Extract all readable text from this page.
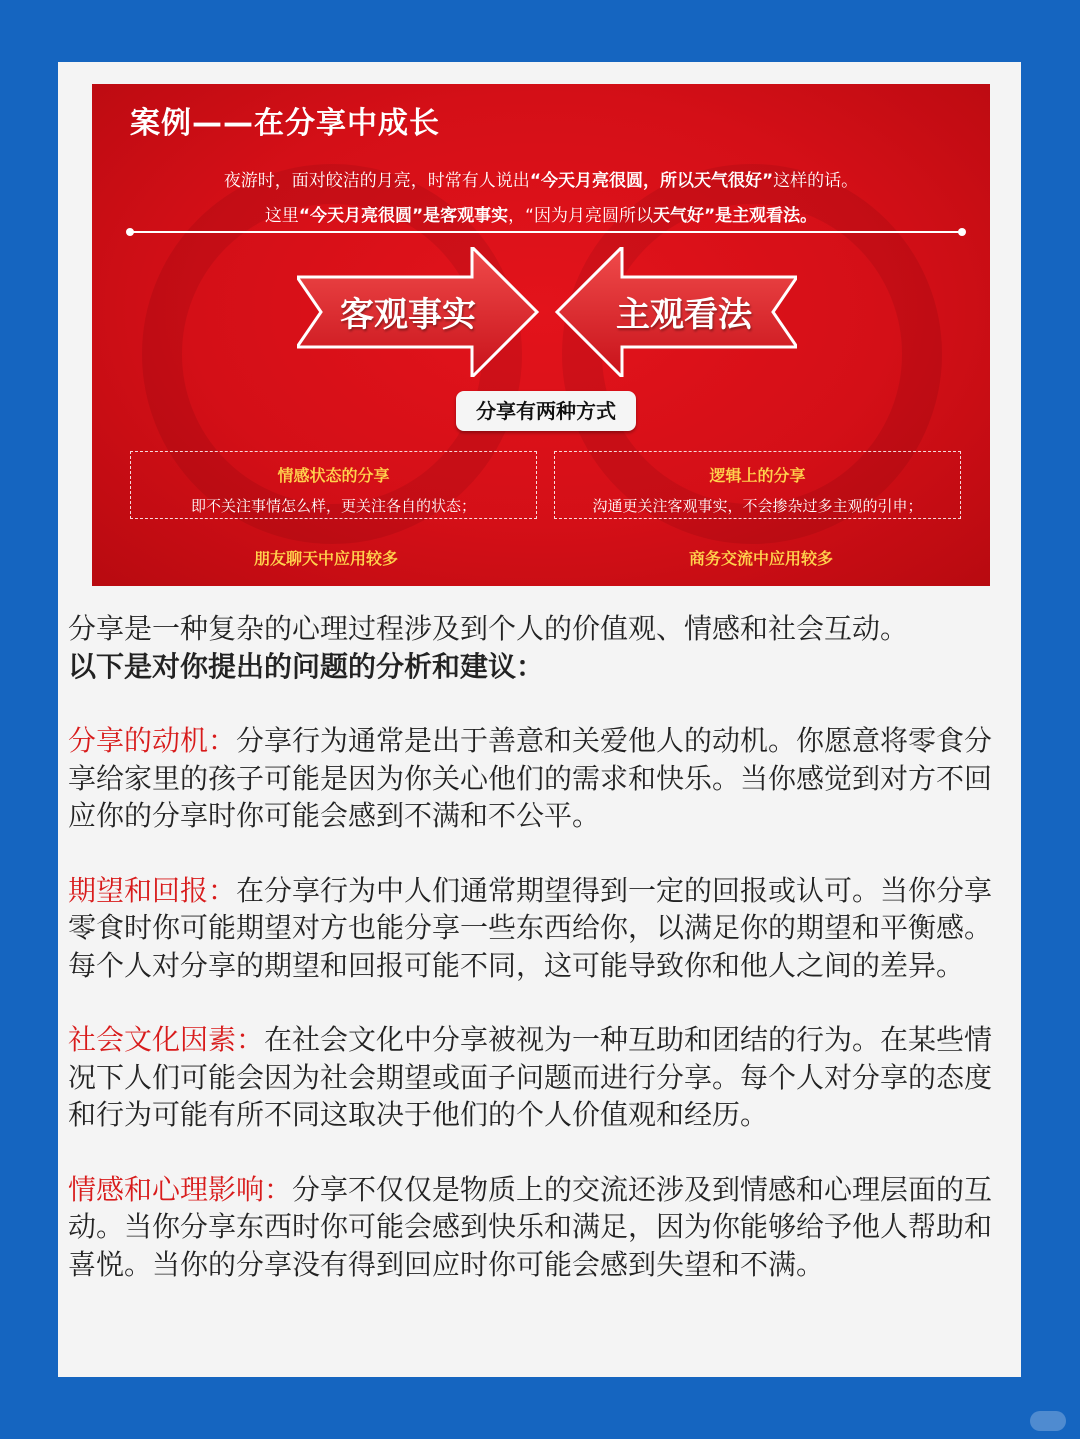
案例——在分享中成长
夜游时，面对皎洁的月亮，时常有人说出“今天月亮很圆，所以天气很好”这样的话。
这里“今天月亮很圆”是客观事实，“因为月亮圆所以天气好”是主观看法。
客观事实	主观看法
分享有两种方式
情感状态的分享
即不关注事情怎么样，更关注各自的状态；
逻辑上的分享
沟通更关注客观事实，不会掺杂过多主观的引申；
朋友聊天中应用较多	商务交流中应用较多

分享是一种复杂的心理过程涉及到个人的价值观、情感和社会互动。

以下是对你提出的问题的分析和建议：

分享的动机：分享行为通常是出于善意和关爱他人的动机。你愿意将零食分享给家里的孩子可能是因为你关心他们的需求和快乐。当你感觉到对方不回应你的分享时你可能会感到不满和不公平。

期望和回报：在分享行为中人们通常期望得到一定的回报或认可。当你分享零食时你可能期望对方也能分享一些东西给你，以满足你的期望和平衡感。每个人对分享的期望和回报可能不同，这可能导致你和他人之间的差异。

社会文化因素：在社会文化中分享被视为一种互助和团结的行为。在某些情况下人们可能会因为社会期望或面子问题而进行分享。每个人对分享的态度和行为可能有所不同这取决于他们的个人价值观和经历。

情感和心理影响：分享不仅仅是物质上的交流还涉及到情感和心理层面的互动。当你分享东西时你可能会感到快乐和满足，因为你能够给予他人帮助和喜悦。当你的分享没有得到回应时你可能会感到失望和不满。
